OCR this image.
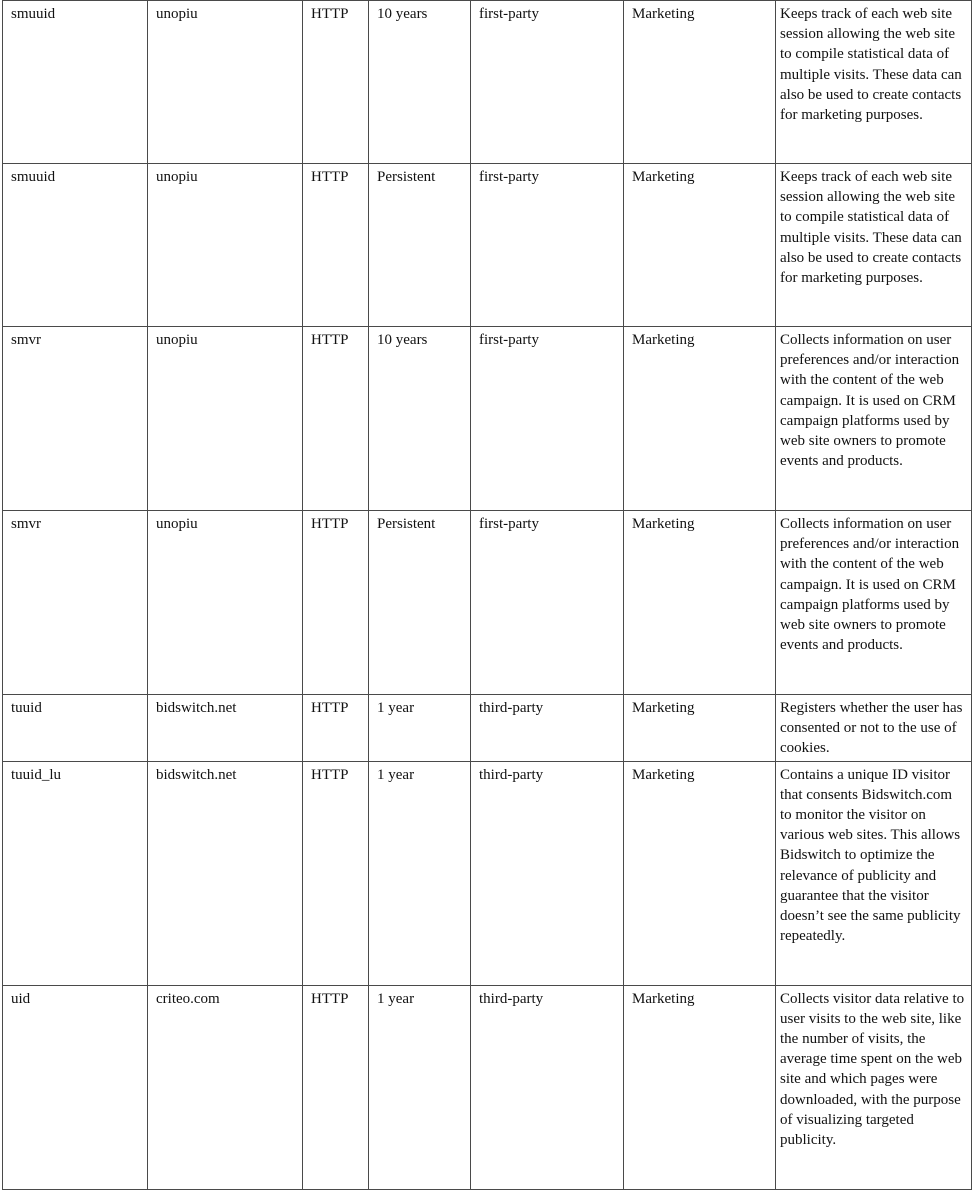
smuuid	unopiu	HTTP	10 years	first-party	Marketing	Keeps track of each web site session allowing the web site to compile statistical data of multiple visits. These data can also be used to create contacts for marketing purposes.
smuuid	unopiu	HTTP	Persistent	first-party	Marketing	Keeps track of each web site session allowing the web site to compile statistical data of multiple visits. These data can also be used to create contacts for marketing purposes.
smvr	unopiu	HTTP	10 years	first-party	Marketing	Collects information on user preferences and/or interaction with the content of the web campaign. It is used on CRM campaign platforms used by web site owners to promote events and products.
smvr	unopiu	HTTP	Persistent	first-party	Marketing	Collects information on user preferences and/or interaction with the content of the web campaign. It is used on CRM campaign platforms used by web site owners to promote events and products.
tuuid	bidswitch.net	HTTP	1 year	third-party	Marketing	Registers whether the user has consented or not to the use of cookies.
tuuid_lu	bidswitch.net	HTTP	1 year	third-party	Marketing	Contains a unique ID visitor that consents Bidswitch.com to monitor the visitor on various web sites. This allows Bidswitch to optimize the relevance of publicity and guarantee that the visitor doesn’t see the same publicity repeatedly.
uid	criteo.com	HTTP	1 year	third-party	Marketing	Collects visitor data relative to user visits to the web site, like the number of visits, the average time spent on the web site and which pages were downloaded, with the purpose of visualizing targeted publicity.
